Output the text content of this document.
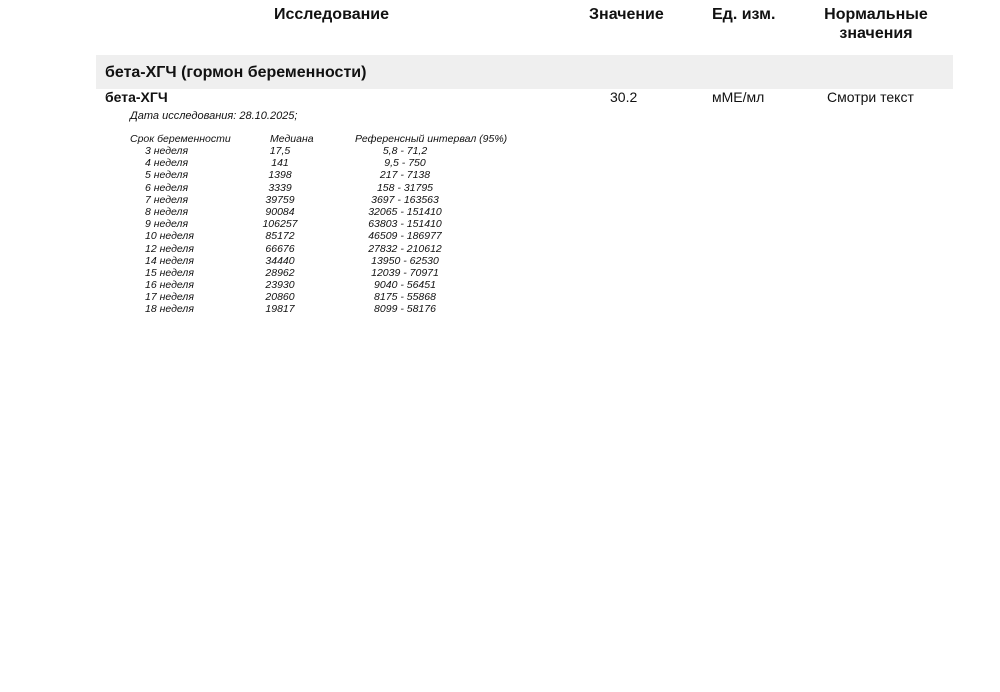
Исследование	Значение	Ед. изм.	Нормальные значения
бета-ХГЧ (гормон беременности)
бета-ХГЧ	30.2	мМЕ/мл	Смотри текст
Дата исследования: 28.10.2025;
Срок беременности	Медиана	Референсный интервал (95%)
3 неделя	17,5	5,8 - 71,2
4 неделя	141	9,5 - 750
5 неделя	1398	217 - 7138
6 неделя	3339	158 - 31795
7 неделя	39759	3697 - 163563
8 неделя	90084	32065 - 151410
9 неделя	106257	63803 - 151410
10 неделя	85172	46509 - 186977
12 неделя	66676	27832 - 210612
14 неделя	34440	13950 - 62530
15 неделя	28962	12039 - 70971
16 неделя	23930	9040 - 56451
17 неделя	20860	8175 - 55868
18 неделя	19817	8099 - 58176
